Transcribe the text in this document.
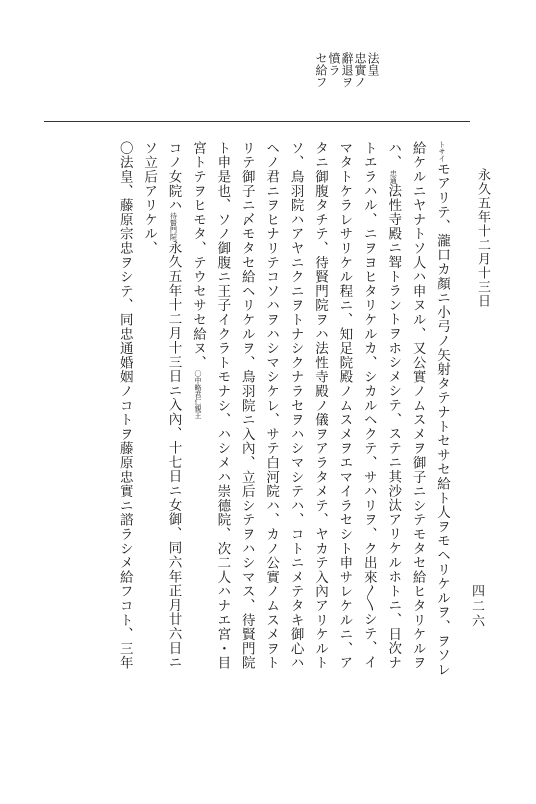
永久五年十二月十三日
法皇
忠實ノ
辭退ヲ
憤ラ
セ給フ

トサイモアリテ、瀧口カ顏ニ小弓ノ矢射タテナトセサセ給ト人ヲモヘリケルヲ、ヲソレ給ケルニヤナトソ人ハ申ヌル、又公實ノムスメヲ御子ニシテモタセ給ヒタリケルヲハ、忠通法性寺殿ニ聟トラントヲホシメシテ、ステニ其沙汰アリケルホトニ、日次ナトエラハル、ニヲヨヒタリケルカ、シカルヘクテ、サハリヲ、ク出來〳〵シテ、イマタトケラレサリケル程ニ、知足院殿ノムスメヲエマイラセシト申サレケルニ、アタニ御腹タチテ、待賢門院ヲハ法性寺殿ノ儀ヲアラタメテ、ヤカテ入內アリケルトソ、鳥羽院ハアヤニクニヲトナシクナラセヲハシマシテハ、コトニメテタキ御心ハヘノ君ニヲヒナリテコソハヲハシマシケレ、サテ白河院ハ、カノ公實ノムスメヲトリテ御子ニ〆モタセ給ヘリケルヲ、鳥羽院ニ入內、立后シテヲハシマス、待賢門院ト申是也、ソノ御腹ニ王子イクラトモナシ、ハシメハ崇德院、次二人ハナエ宮・目宮トテヲヒモタ、テウセサセ給ヌ、〇中略君仁親王

コノ女院ハ待賢門院永久五年十二月十三日ニ入內、十七日ニ女御、同六年正月廿六日ニソ立后アリケル、

〇法皇、藤原宗忠ヲシテ、同忠通婚姻ノコトヲ藤原忠實ニ諮ラシメ給フコト、三年	四二六
